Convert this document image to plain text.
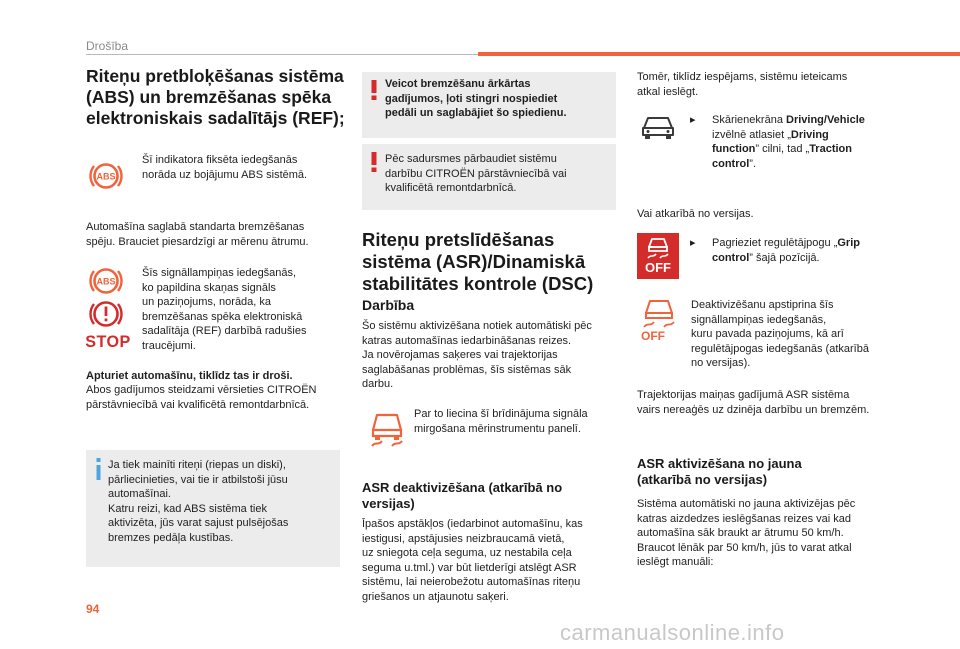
Drošība
Riteņu pretbloķēšanas sistēma
(ABS) un bremzēšanas spēka
elektroniskais sadalītājs (REF);
ABS
Šī indikatora fiksēta iedegšanās
norāda uz bojājumu ABS sistēmā.
Automašīna saglabā standarta bremzēšanas
spēju. Brauciet piesardzīgi ar mērenu ātrumu.
ABS
STOP
Šīs signāllampiņas iedegšanās,
ko papildina skaņas signāls
un paziņojums, norāda, ka
bremzēšanas spēka elektroniskā
sadalītāja (REF) darbībā radušies
traucējumi.
Apturiet automašīnu, tiklīdz tas ir droši.
Abos gadījumos steidzami vērsieties CITROËN
pārstāvniecībā vai kvalificētā remontdarbnīcā.
Ja tiek mainīti riteņi (riepas un diski),
pārliecinieties, vai tie ir atbilstoši jūsu
automašīnai.
Katru reizi, kad ABS sistēma tiek
aktivizēta, jūs varat sajust pulsējošas
bremzes pedāļa kustības.
Veicot bremzēšanu ārkārtas
gadījumos, ļoti stingri nospiediet
pedāli un saglabājiet šo spiedienu.
Pēc sadursmes pārbaudiet sistēmu
darbību CITROËN pārstāvniecībā vai
kvalificētā remontdarbnīcā.
Riteņu pretslīdēšanas
sistēma (ASR)/Dinamiskā
stabilitātes kontrole (DSC)
Darbība
Šo sistēmu aktivizēšana notiek automātiski pēc
katras automašīnas iedarbināšanas reizes.
Ja novērojamas saķeres vai trajektorijas
saglabāšanas problēmas, šīs sistēmas sāk
darbu.
Par to liecina šī brīdinājuma signāla
mirgošana mērinstrumentu panelī.
ASR deaktivizēšana (atkarībā no
versijas)
Īpašos apstākļos (iedarbinot automašīnu, kas
iestigusi, apstājusies neizbraucamā vietā,
uz sniegota ceļa seguma, uz nestabila ceļa
seguma u.tml.) var būt lietderīgi atslēgt ASR
sistēmu, lai neierobežotu automašīnas riteņu
griešanos un atjaunotu saķeri.
Tomēr, tiklīdz iespējams, sistēmu ieteicams
atkal ieslēgt.
▸ Skārienekrāna Driving/Vehicle
izvēlnē atlasiet „Driving
function” cilni, tad „Traction
control”.
Vai atkarībā no versijas.
OFF
▸ Pagrieziet regulētājpogu „Grip
control” šajā pozīcijā.
OFF
Deaktivizēšanu apstiprina šīs
signāllampiņas iedegšanās,
kuru pavada paziņojums, kā arī
regulētājpogas iedegšanās (atkarībā
no versijas).
Trajektorijas maiņas gadījumā ASR sistēma
vairs nereaģēs uz dzinēja darbību un bremzēm.
ASR aktivizēšana no jauna
(atkarībā no versijas)
Sistēma automātiski no jauna aktivizējas pēc
katras aizdedzes ieslēgšanas reizes vai kad
automašīna sāk braukt ar ātrumu 50 km/h.
Braucot lēnāk par 50 km/h, jūs to varat atkal
ieslēgt manuāli:
94
carmanualsonline.info
